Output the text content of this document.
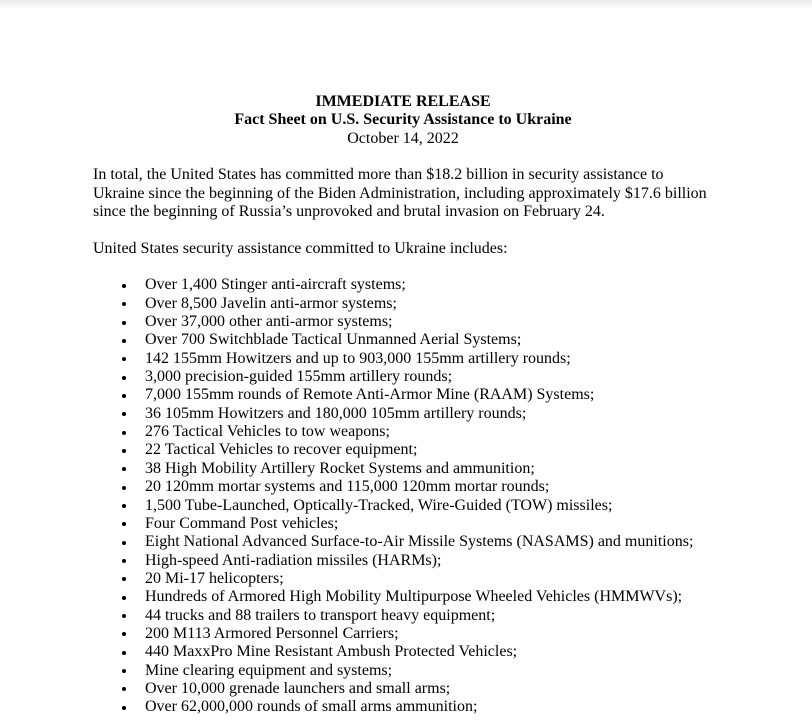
IMMEDIATE RELEASE
Fact Sheet on U.S. Security Assistance to Ukraine
October 14, 2022
In total, the United States has committed more than $18.2 billion in security assistance to
Ukraine since the beginning of the Biden Administration, including approximately $17.6 billion
since the beginning of Russia’s unprovoked and brutal invasion on February 24.
United States security assistance committed to Ukraine includes:
Over 1,400 Stinger anti-aircraft systems;
Over 8,500 Javelin anti-armor systems;
Over 37,000 other anti-armor systems;
Over 700 Switchblade Tactical Unmanned Aerial Systems;
142 155mm Howitzers and up to 903,000 155mm artillery rounds;
3,000 precision-guided 155mm artillery rounds;
7,000 155mm rounds of Remote Anti-Armor Mine (RAAM) Systems;
36 105mm Howitzers and 180,000 105mm artillery rounds;
276 Tactical Vehicles to tow weapons;
22 Tactical Vehicles to recover equipment;
38 High Mobility Artillery Rocket Systems and ammunition;
20 120mm mortar systems and 115,000 120mm mortar rounds;
1,500 Tube-Launched, Optically-Tracked, Wire-Guided (TOW) missiles;
Four Command Post vehicles;
Eight National Advanced Surface-to-Air Missile Systems (NASAMS) and munitions;
High-speed Anti-radiation missiles (HARMs);
20 Mi-17 helicopters;
Hundreds of Armored High Mobility Multipurpose Wheeled Vehicles (HMMWVs);
44 trucks and 88 trailers to transport heavy equipment;
200 M113 Armored Personnel Carriers;
440 MaxxPro Mine Resistant Ambush Protected Vehicles;
Mine clearing equipment and systems;
Over 10,000 grenade launchers and small arms;
Over 62,000,000 rounds of small arms ammunition;
